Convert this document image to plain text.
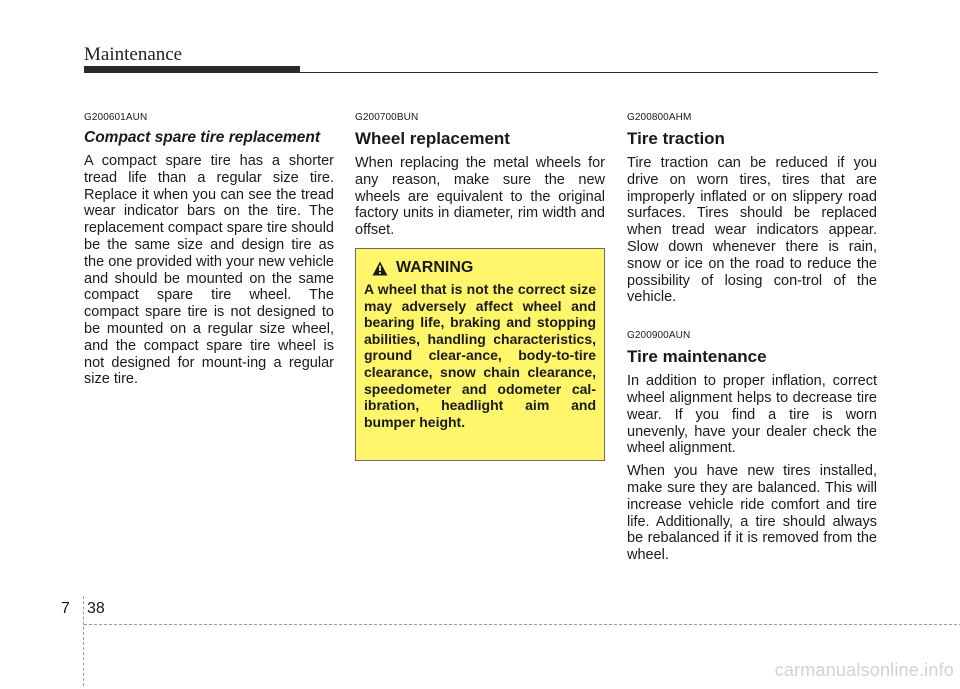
Maintenance
G200601AUN
Compact spare tire replacement

A compact spare tire has a shorter tread life than a regular size tire. Replace it when you can see the tread wear indicator bars on the tire. The replacement compact spare tire should be the same size and design tire as the one provided with your new vehicle and should be mounted on the same compact spare tire wheel. The compact spare tire is not designed to be mounted on a regular size wheel, and the compact spare tire wheel is not designed for mount-ing a regular size tire.

G200700BUN
Wheel replacement

When replacing the metal wheels for any reason, make sure the new wheels are equivalent to the original factory units in diameter, rim width and offset.

WARNING

A wheel that is not the correct size may adversely affect wheel and bearing life, braking and stopping abilities, handling characteristics, ground clear-ance, body-to-tire clearance, snow chain clearance, speedometer and odometer cal-ibration, headlight aim and bumper height.

G200800AHM
Tire traction

Tire traction can be reduced if you drive on worn tires, tires that are improperly inflated or on slippery road surfaces. Tires should be replaced when tread wear indicators appear. Slow down whenever there is rain, snow or ice on the road to reduce the possibility of losing con-trol of the vehicle.

G200900AUN
Tire maintenance

In addition to proper inflation, correct wheel alignment helps to decrease tire wear. If you find a tire is worn unevenly, have your dealer check the wheel alignment.

When you have new tires installed, make sure they are balanced. This will increase vehicle ride comfort and tire life. Additionally, a tire should always be rebalanced if it is removed from the wheel.

7 38
carmanualsonline.info
